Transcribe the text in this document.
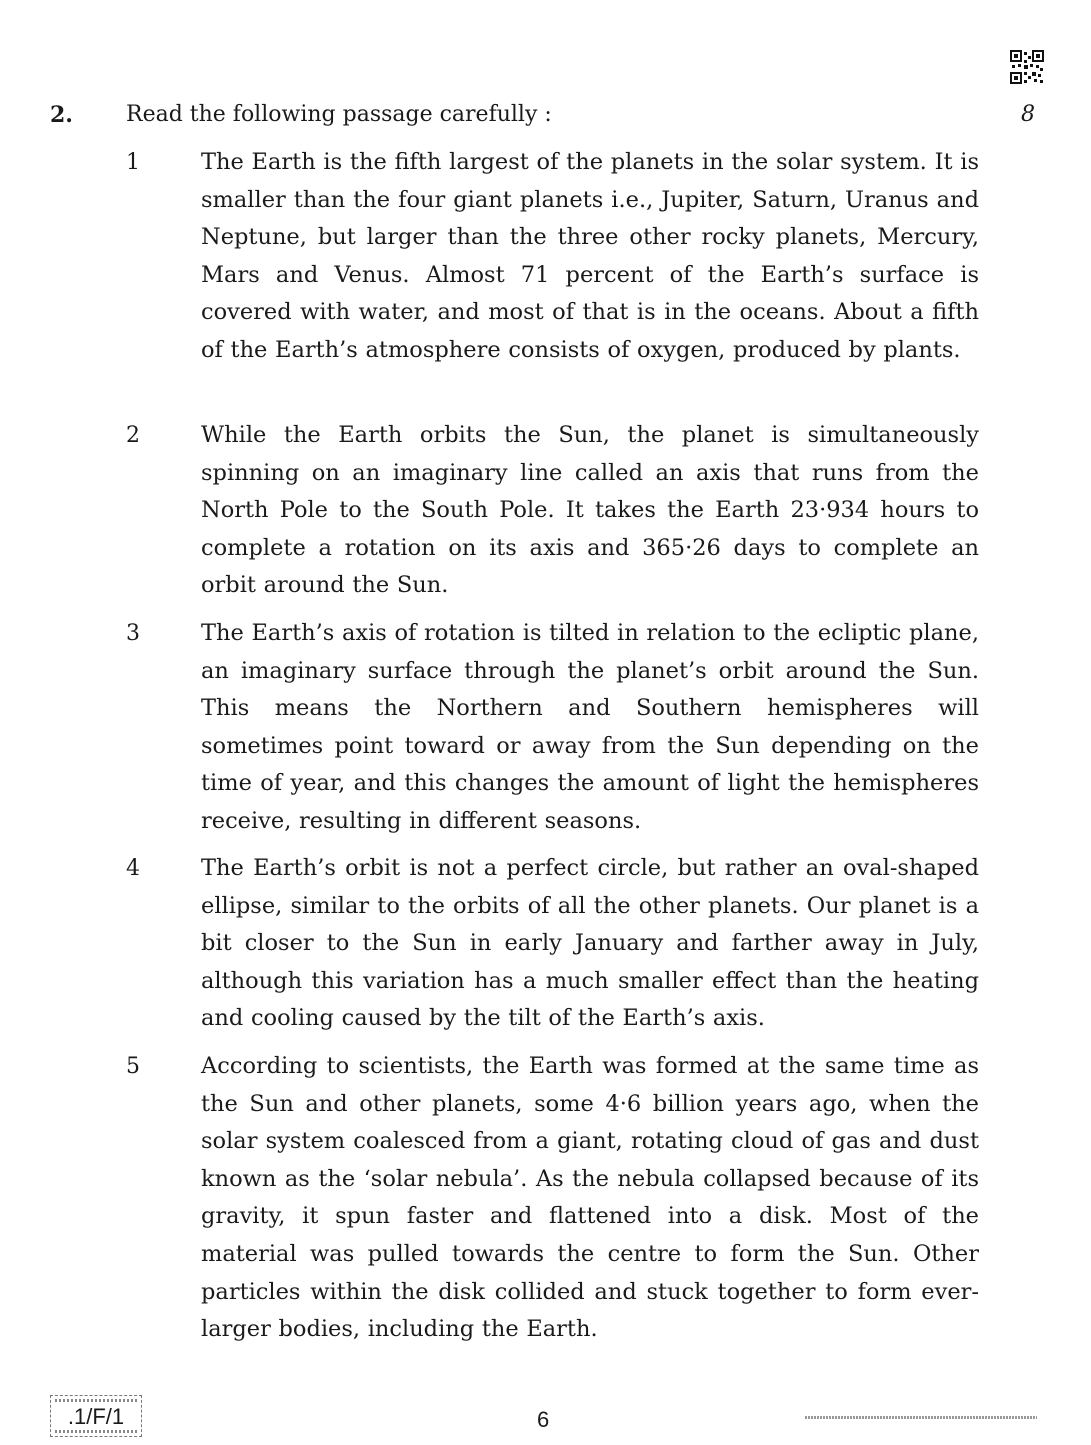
2. Read the following passage carefully :	8
1	The Earth is the fifth largest of the planets in the solar system. It is smaller than the four giant planets i.e., Jupiter, Saturn, Uranus and Neptune, but larger than the three other rocky planets, Mercury, Mars and Venus. Almost 71 percent of the Earth’s surface is covered with water, and most of that is in the oceans. About a fifth of the Earth’s atmosphere consists of oxygen, produced by plants.
2	While the Earth orbits the Sun, the planet is simultaneously spinning on an imaginary line called an axis that runs from the North Pole to the South Pole. It takes the Earth 23·934 hours to complete a rotation on its axis and 365·26 days to complete an orbit around the Sun.
3	The Earth’s axis of rotation is tilted in relation to the ecliptic plane, an imaginary surface through the planet’s orbit around the Sun. This means the Northern and Southern hemispheres will sometimes point toward or away from the Sun depending on the time of year, and this changes the amount of light the hemispheres receive, resulting in different seasons.
4	The Earth’s orbit is not a perfect circle, but rather an oval-shaped ellipse, similar to the orbits of all the other planets. Our planet is a bit closer to the Sun in early January and farther away in July, although this variation has a much smaller effect than the heating and cooling caused by the tilt of the Earth’s axis.
5	According to scientists, the Earth was formed at the same time as the Sun and other planets, some 4·6 billion years ago, when the solar system coalesced from a giant, rotating cloud of gas and dust known as the ‘solar nebula’. As the nebula collapsed because of its gravity, it spun faster and flattened into a disk. Most of the material was pulled towards the centre to form the Sun. Other particles within the disk collided and stuck together to form ever-larger bodies, including the Earth.
.1/F/1	6
